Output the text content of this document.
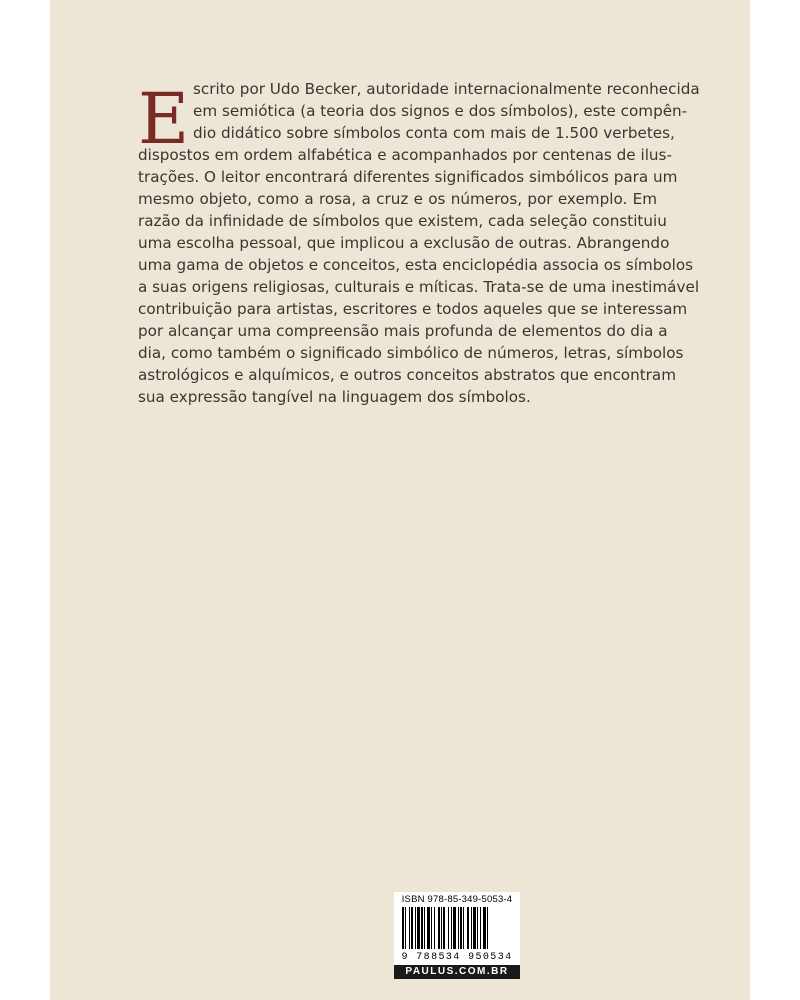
E scrito por Udo Becker, autoridade internacionalmente reconhecida
em semiótica (a teoria dos signos e dos símbolos), este compên-
dio didático sobre símbolos conta com mais de 1.500 verbetes,
dispostos em ordem alfabética e acompanhados por centenas de ilus-
trações. O leitor encontrará diferentes significados simbólicos para um
mesmo objeto, como a rosa, a cruz e os números, por exemplo. Em
razão da infinidade de símbolos que existem, cada seleção constituiu
uma escolha pessoal, que implicou a exclusão de outras. Abrangendo
uma gama de objetos e conceitos, esta enciclopédia associa os símbolos
a suas origens religiosas, culturais e míticas. Trata-se de uma inestimável
contribuição para artistas, escritores e todos aqueles que se interessam
por alcançar uma compreensão mais profunda de elementos do dia a
dia, como também o significado simbólico de números, letras, símbolos
astrológicos e alquímicos, e outros conceitos abstratos que encontram
sua expressão tangível na linguagem dos símbolos.
ISBN 978-85-349-5053-4
9 788534 950534
PAULUS.COM.BR
